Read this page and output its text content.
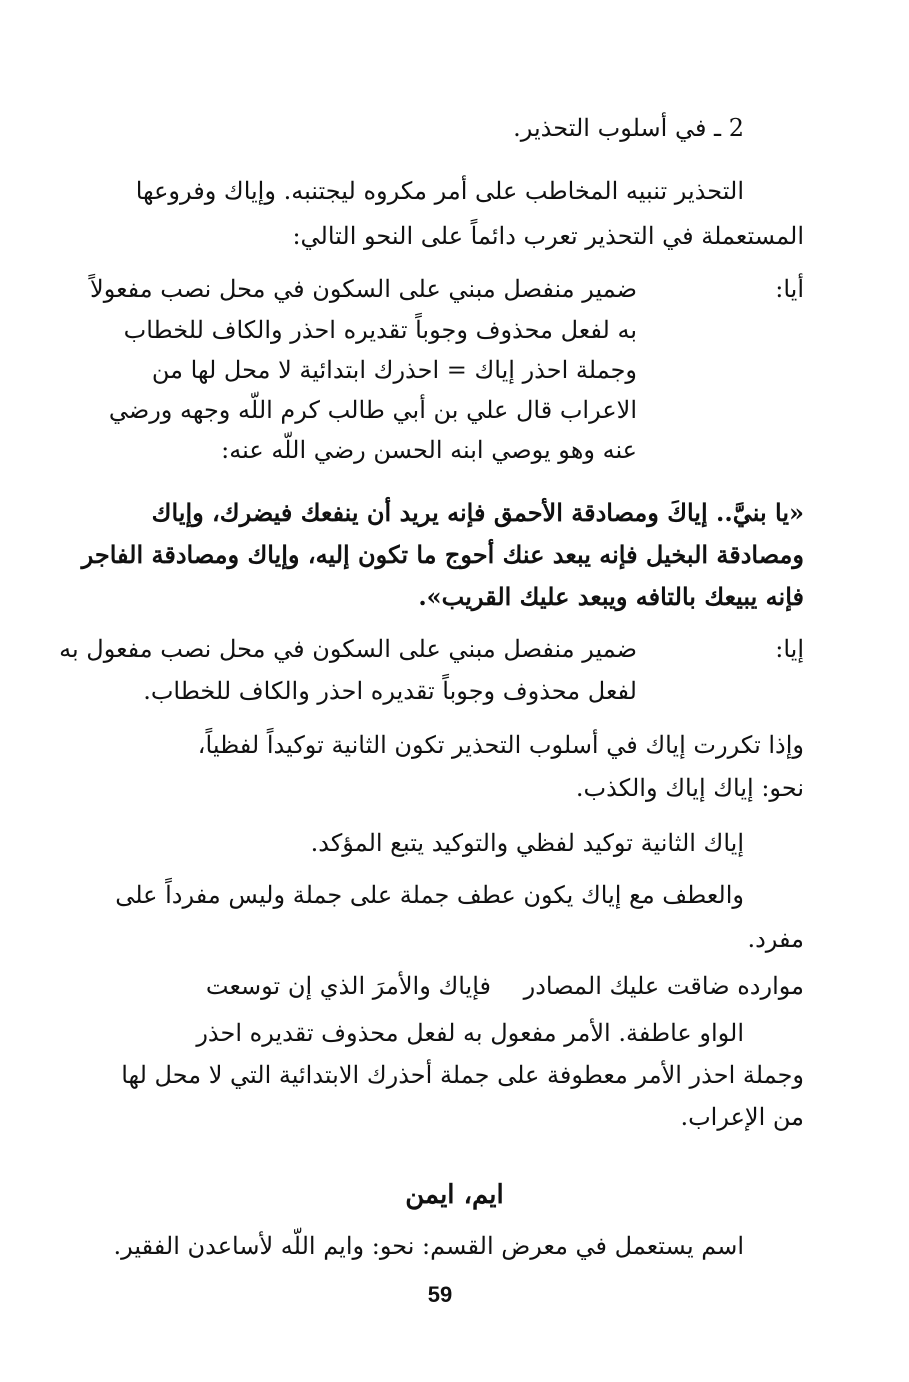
2 ـ في أسلوب التحذير.
التحذير تنبيه المخاطب على أمر مكروه ليجتنبه. وإياك وفروعها
المستعملة في التحذير تعرب دائماً على النحو التالي:
أيا:
ضمير منفصل مبني على السكون في محل نصب مفعولاً
به لفعل محذوف وجوباً تقديره احذر والكاف للخطاب
وجملة احذر إياك = احذرك ابتدائية لا محل لها من
الاعراب قال علي بن أبي طالب كرم اللّه وجهه ورضي
عنه وهو يوصي ابنه الحسن رضي اللّه عنه:
«يا بنيَّ.. إياكَ ومصادقة الأحمق فإنه يريد أن ينفعك فيضرك، وإياك
ومصادقة البخيل فإنه يبعد عنك أحوج ما تكون إليه، وإياك ومصادقة الفاجر
فإنه يبيعك بالتافه ويبعد عليك القريب».
إيا:
ضمير منفصل مبني على السكون في محل نصب مفعول به
لفعل محذوف وجوباً تقديره احذر والكاف للخطاب.
وإذا تكررت إياك في أسلوب التحذير تكون الثانية توكيداً لفظياً،
نحو: إياك إياك والكذب.
إياك الثانية توكيد لفظي والتوكيد يتبع المؤكد.
والعطف مع إياك يكون عطف جملة على جملة وليس مفرداً على
مفرد.
فإياك والأمرَ الذي إن توسعت موارده ضاقت عليك المصادر
الواو عاطفة. الأمر مفعول به لفعل محذوف تقديره احذر
وجملة احذر الأمر معطوفة على جملة أحذرك الابتدائية التي لا محل لها
من الإعراب.
ايم، ايمن
اسم يستعمل في معرض القسم: نحو: وايم اللّه لأساعدن الفقير.
59
